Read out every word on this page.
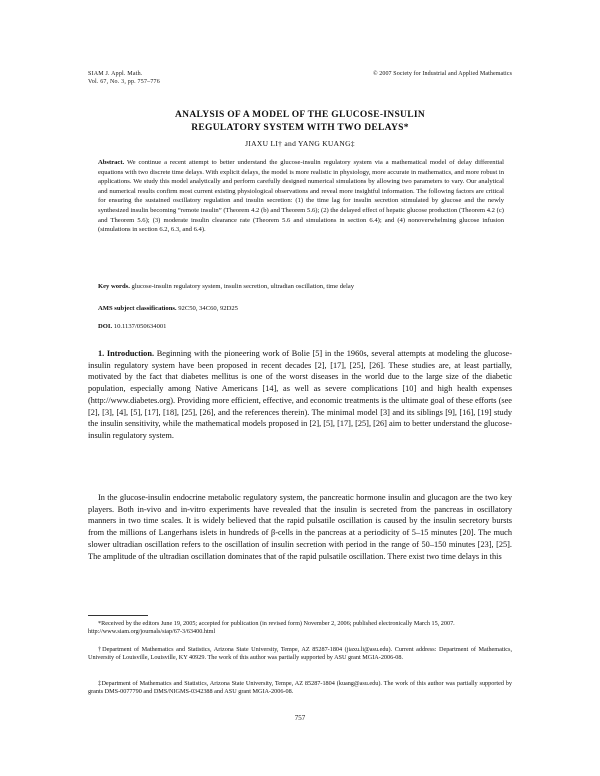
SIAM J. Appl. Math.
Vol. 67, No. 3, pp. 757–776
© 2007 Society for Industrial and Applied Mathematics
ANALYSIS OF A MODEL OF THE GLUCOSE-INSULIN
REGULATORY SYSTEM WITH TWO DELAYS*
JIAXU LI† and YANG KUANG‡

Abstract. We continue a recent attempt to better understand the glucose-insulin regulatory system via a mathematical model of delay differential equations with two discrete time delays. With explicit delays, the model is more realistic in physiology, more accurate in mathematics, and more robust in applications. We study this model analytically and perform carefully designed numerical simulations by allowing two parameters to vary. Our analytical and numerical results confirm most current existing physiological observations and reveal more insightful information. The following factors are critical for ensuring the sustained oscillatory regulation and insulin secretion: (1) the time lag for insulin secretion stimulated by glucose and the newly synthesized insulin becoming “remote insulin” (Theorem 4.2 (b) and Theorem 5.6); (2) the delayed effect of hepatic glucose production (Theorem 4.2 (c) and Theorem 5.6); (3) moderate insulin clearance rate (Theorem 5.6 and simulations in section 6.4); and (4) nonoverwhelming glucose infusion (simulations in section 6.2, 6.3, and 6.4).

Key words. glucose-insulin regulatory system, insulin secretion, ultradian oscillation, time delay

AMS subject classifications. 92C50, 34C60, 92D25

DOI. 10.1137/050634001

1. Introduction. Beginning with the pioneering work of Bolie [5] in the 1960s, several attempts at modeling the glucose-insulin regulatory system have been proposed in recent decades [2], [17], [25], [26]. These studies are, at least partially, motivated by the fact that diabetes mellitus is one of the worst diseases in the world due to the large size of the diabetic population, especially among Native Americans [14], as well as severe complications [10] and high health expenses (http://www.diabetes.org). Providing more efficient, effective, and economic treatments is the ultimate goal of these efforts (see [2], [3], [4], [5], [17], [18], [25], [26], and the references therein). The minimal model [3] and its siblings [9], [16], [19] study the insulin sensitivity, while the mathematical models proposed in [2], [5], [17], [25], [26] aim to better understand the glucose-insulin regulatory system.

In the glucose-insulin endocrine metabolic regulatory system, the pancreatic hormone insulin and glucagon are the two key players. Both in-vivo and in-vitro experiments have revealed that the insulin is secreted from the pancreas in oscillatory manners in two time scales. It is widely believed that the rapid pulsatile oscillation is caused by the insulin secretory bursts from the millions of Langerhans islets in hundreds of β-cells in the pancreas at a periodicity of 5–15 minutes [20]. The much slower ultradian oscillation refers to the oscillation of insulin secretion with period in the range of 50–150 minutes [23], [25]. The amplitude of the ultradian oscillation dominates that of the rapid pulsatile oscillation. There exist two time delays in this

*Received by the editors June 19, 2005; accepted for publication (in revised form) November 2, 2006; published electronically March 15, 2007.
http://www.siam.org/journals/siap/67-3/63400.html

†Department of Mathematics and Statistics, Arizona State University, Tempe, AZ 85287-1804 (jiaxu.li@asu.edu). Current address: Department of Mathematics, University of Louisville, Louisville, KY 40929. The work of this author was partially supported by ASU grant MGIA-2006-08.

‡Department of Mathematics and Statistics, Arizona State University, Tempe, AZ 85287-1804 (kuang@asu.edu). The work of this author was partially supported by grants DMS-0077790 and DMS/NIGMS-0342388 and ASU grant MGIA-2006-08.

757
